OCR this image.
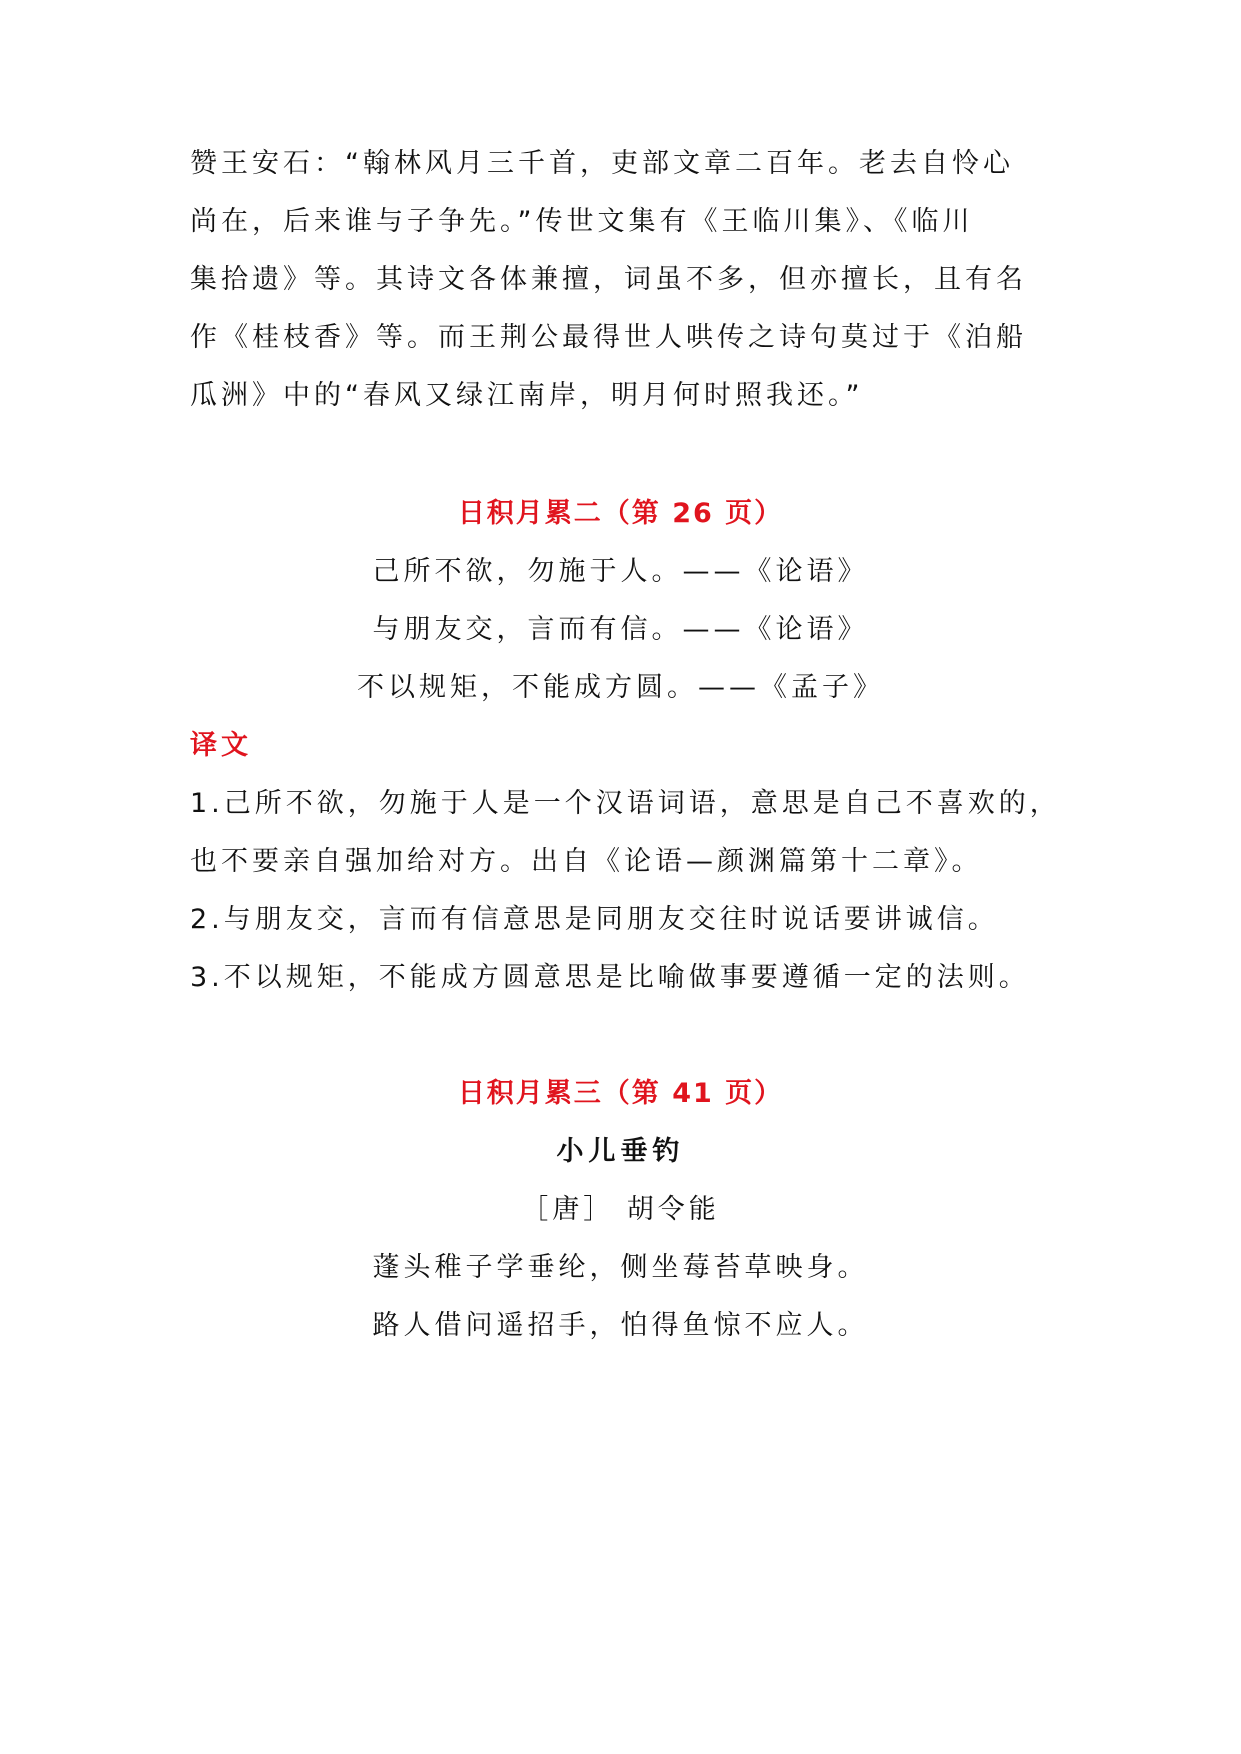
赞王安石：“翰林风月三千首，吏部文章二百年。老去自怜心
尚在，后来谁与子争先。”传世文集有《王临川集》、《临川
集拾遗》等。其诗文各体兼擅，词虽不多，但亦擅长，且有名
作《桂枝香》等。而王荆公最得世人哄传之诗句莫过于《泊船
瓜洲》中的“春风又绿江南岸，明月何时照我还。”
日积月累二（第 26 页）
己所不欲，勿施于人。——《论语》
与朋友交，言而有信。——《论语》
不以规矩，不能成方圆。——《孟子》
译文
1.己所不欲，勿施于人是一个汉语词语，意思是自己不喜欢的，
也不要亲自强加给对方。出自《论语—颜渊篇第十二章》。
2.与朋友交，言而有信意思是同朋友交往时说话要讲诚信。
3.不以规矩，不能成方圆意思是比喻做事要遵循一定的法则。
日积月累三（第 41 页）
小儿垂钓
［唐］ 胡令能
蓬头稚子学垂纶，侧坐莓苔草映身。
路人借问遥招手，怕得鱼惊不应人。
